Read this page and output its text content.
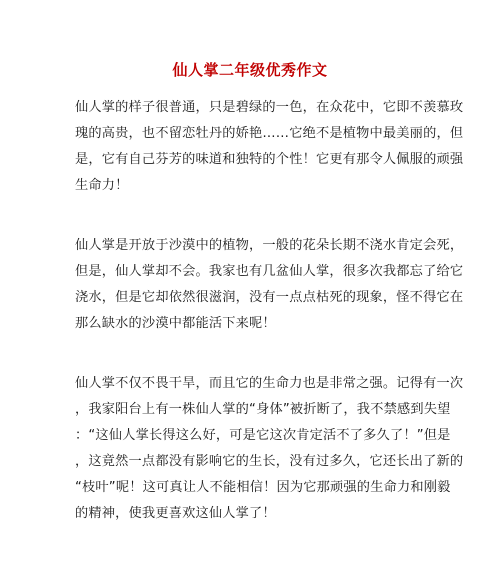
仙人掌二年级优秀作文
仙人掌的样子很普通，只是碧绿的一色，在众花中，它即不羡慕玫
瑰的高贵，也不留恋牡丹的娇艳……它绝不是植物中最美丽的，但
是，它有自己芬芳的味道和独特的个性！它更有那令人佩服的顽强
生命力！
仙人掌是开放于沙漠中的植物，一般的花朵长期不浇水肯定会死，
但是，仙人掌却不会。我家也有几盆仙人掌，很多次我都忘了给它
浇水，但是它却依然很滋润，没有一点点枯死的现象，怪不得它在
那么缺水的沙漠中都能活下来呢！
仙人掌不仅不畏干旱，而且它的生命力也是非常之强。记得有一次
，我家阳台上有一株仙人掌的“身体”被折断了，我不禁感到失望
：“这仙人掌长得这么好，可是它这次肯定活不了多久了！”但是
，这竟然一点都没有影响它的生长，没有过多久，它还长出了新的
“枝叶”呢！这可真让人不能相信！因为它那顽强的生命力和刚毅
的精神，使我更喜欢这仙人掌了！
